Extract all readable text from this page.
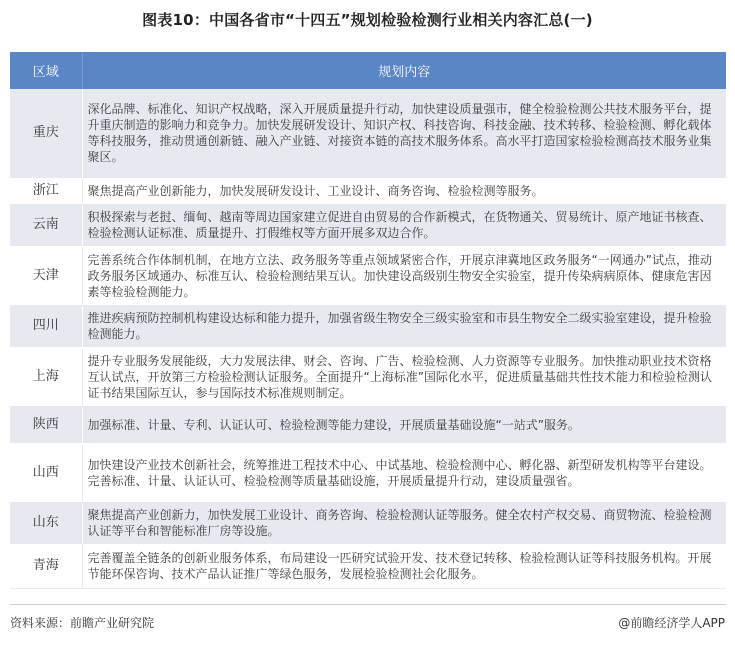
图表10：中国各省市“十四五”规划检验检测行业相关内容汇总(一)
区域	规划内容
重庆	深化品牌、标准化、知识产权战略，深入开展质量提升行动，加快建设质量强市，健全检验检测公共技术服务平台，提升重庆制造的影响力和竞争力。加快发展研发设计、知识产权、科技咨询、科技金融、技术转移、检验检测、孵化载体等科技服务，推动贯通创新链、融入产业链、对接资本链的高技术服务体系。高水平打造国家检验检测高技术服务业集聚区。
浙江	聚焦提高产业创新能力，加快发展研发设计、工业设计、商务咨询、检验检测等服务。
云南	积极探索与老挝、缅甸、越南等周边国家建立促进自由贸易的合作新模式，在货物通关、贸易统计、原产地证书核查、检验检测认证标准、质量提升、打假维权等方面开展多双边合作。
天津	完善系统合作体制机制，在地方立法、政务服务等重点领域紧密合作，开展京津冀地区政务服务“一网通办”试点，推动政务服务区域通办、标准互认、检验检测结果互认。加快建设高级别生物安全实验室，提升传染病病原体、健康危害因素等检验检测能力。
四川	推进疾病预防控制机构建设达标和能力提升，加强省级生物安全三级实验室和市县生物安全二级实验室建设，提升检验检测能力。
上海	提升专业服务发展能级，大力发展法律、财会、咨询、广告、检验检测、人力资源等专业服务。加快推动职业技术资格互认试点，开放第三方检验检测认证服务。全面提升“上海标准”国际化水平，促进质量基础共性技术能力和检验检测认证书结果国际互认，参与国际技术标准规则制定。
陕西	加强标准、计量、专利、认证认可、检验检测等能力建设，开展质量基础设施“一站式”服务。
山西	加快建设产业技术创新社会，统筹推进工程技术中心、中试基地、检验检测中心、孵化器、新型研发机构等平台建设。完善标准、计量、认证认可、检验检测等质量基础设施，开展质量提升行动，建设质量强省。
山东	聚焦提高产业创新力，加快发展工业设计、商务咨询、检验检测认证等服务。健全农村产权交易、商贸物流、检验检测认证等平台和智能标准厂房等设施。
青海	完善覆盖全链条的创新业服务体系，布局建设一匹研究试验开发、技术登记转移、检验检测认证等科技服务机构。开展节能环保咨询、技术产品认证推广等绿色服务，发展检验检测社会化服务。
资料来源：前瞻产业研究院	@前瞻经济学人APP
